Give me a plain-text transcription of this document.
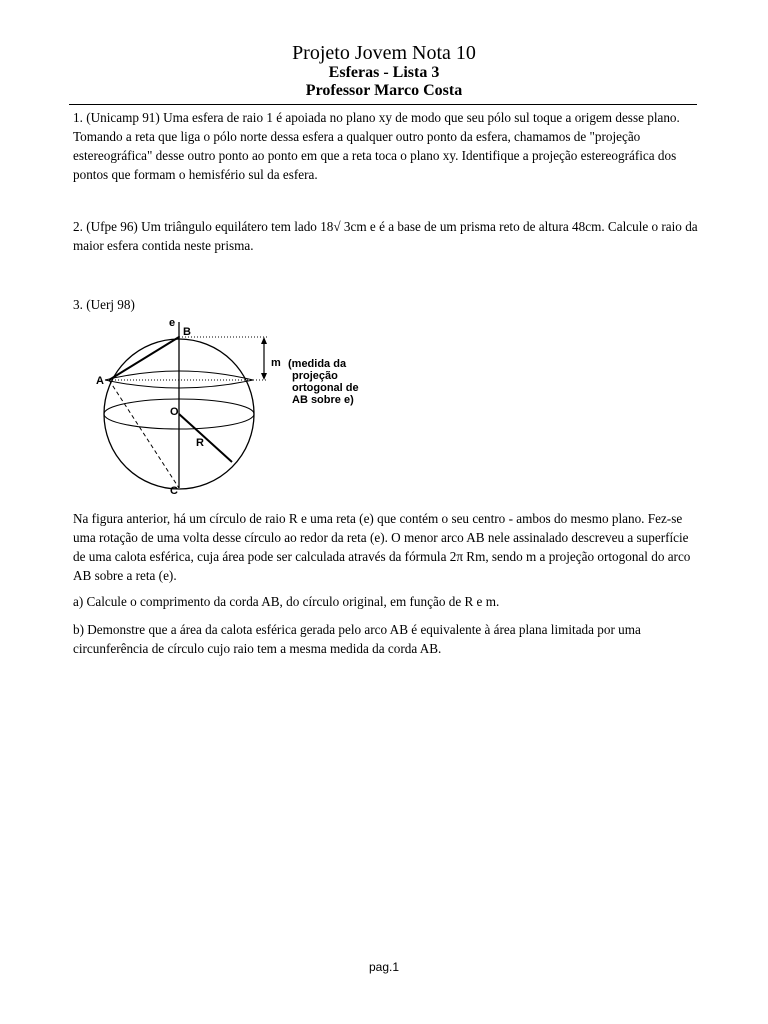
Projeto Jovem Nota 10
Esferas - Lista 3
Professor Marco Costa

1. (Unicamp 91) Uma esfera de raio 1 é apoiada no plano xy de modo que seu pólo sul toque a origem desse plano. Tomando a reta que liga o pólo norte dessa esfera a qualquer outro ponto da esfera, chamamos de "projeção estereográfica" desse outro ponto ao ponto em que a reta toca o plano xy. Identifique a projeção estereográfica dos pontos que formam o hemisfério sul da esfera.

2. (Ufpe 96) Um triângulo equilátero tem lado 18√ 3cm e é a base de um prisma reto de altura 48cm. Calcule o raio da maior esfera contida neste prisma.

3. (Uerj 98)

e
B
A
O
R
C
m (medida da
projeção
ortogonal de
AB sobre e)

Na figura anterior, há um círculo de raio R e uma reta (e) que contém o seu centro - ambos do mesmo plano. Fez-se uma rotação de uma volta desse círculo ao redor da reta (e). O menor arco AB nele assinalado descreveu a superfície de uma calota esférica, cuja área pode ser calculada através da fórmula 2π Rm, sendo m a projeção ortogonal do arco AB sobre a reta (e).

a) Calcule o comprimento da corda AB, do círculo original, em função de R e m.

b) Demonstre que a área da calota esférica gerada pelo arco AB é equivalente à área plana limitada por uma circunferência de círculo cujo raio tem a mesma medida da corda AB.

pag.1
